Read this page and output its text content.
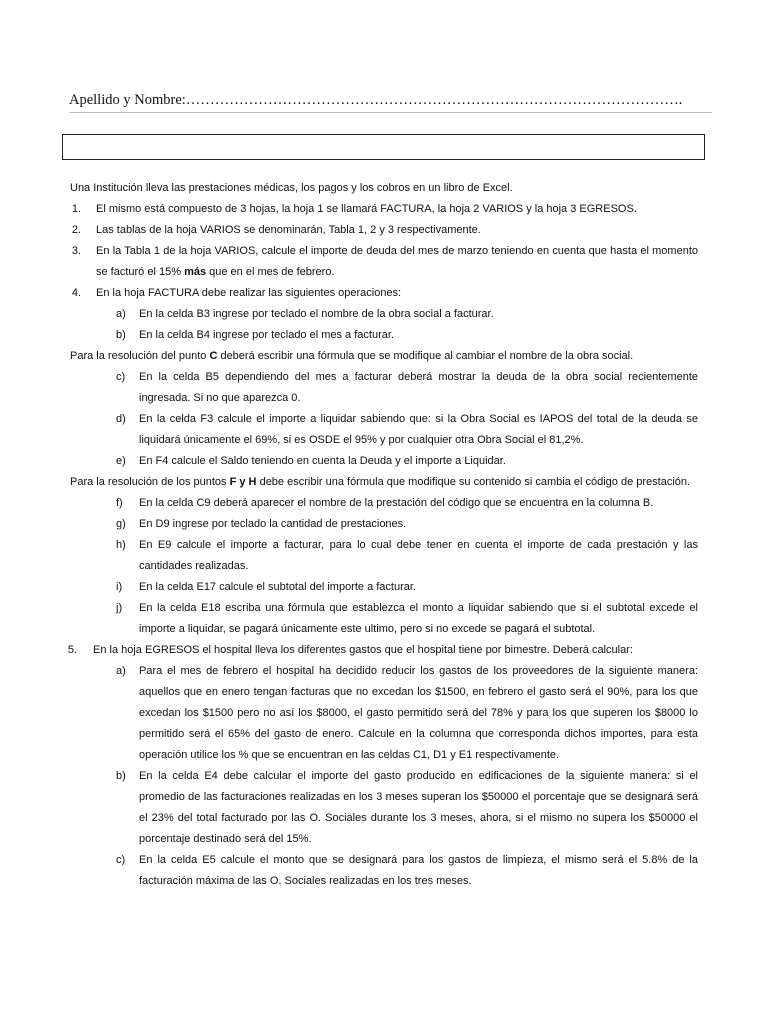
Apellido y Nombre:………………………………………………………………………………………….
Una Institución lleva las prestaciones médicas, los pagos y los cobros en un libro de Excel.
1.	El mismo está compuesto de 3 hojas, la hoja 1 se llamará FACTURA, la hoja 2 VARIOS y la hoja 3 EGRESOS.
2.	Las tablas de la hoja VARIOS se denominarán, Tabla 1, 2 y 3 respectivamente.
3.	En la Tabla 1 de la hoja VARIOS, calcule el importe de deuda del mes de marzo teniendo en cuenta que hasta el momento se facturó el 15% más que en el mes de febrero.
4.	En la hoja FACTURA debe realizar las siguientes operaciones:
a)	En la celda B3 ingrese por teclado el nombre de la obra social a facturar.
b)	En la celda B4 ingrese por teclado el mes a facturar.
Para la resolución del punto C deberá escribir una fórmula que se modifique al cambiar el nombre de la obra social.
c)	En la celda B5 dependiendo del mes a facturar deberá mostrar la deuda de la obra social recientemente ingresada. Si no que aparezca 0.
d)	En la celda F3 calcule el importe a liquidar sabiendo que: si la Obra Social es IAPOS del total de la deuda se liquidará únicamente el 69%, si es OSDE el 95% y por cualquier otra Obra Social el 81,2%.
e)	En F4 calcule el Saldo teniendo en cuenta la Deuda y el importe a Liquidar.
Para la resolución de los puntos F y H debe escribir una fórmula que modifique su contenido si cambia el código de prestación.
f)	En la celda C9 deberá aparecer el nombre de la prestación del código que se encuentra en la columna B.
g)	En D9 ingrese por teclado la cantidad de prestaciones.
h)	En E9 calcule el importe a facturar, para lo cual debe tener en cuenta el importe de cada prestación y las cantidades realizadas.
i)	En la celda E17 calcule el subtotal del importe a facturar.
j)	En la celda E18 escriba una fórmula que establezca el monto a liquidar sabiendo que si el subtotal excede el importe a liquidar, se pagará únicamente este ultimo, pero si no excede se pagará el subtotal.
5.	En la hoja EGRESOS el hospital lleva los diferentes gastos que el hospital tiene por bimestre. Deberá calcular:
a)	Para el mes de febrero el hospital ha decidido reducir los gastos de los proveedores de la siguiente manera: aquellos que en enero tengan facturas que no excedan los $1500, en febrero el gasto será el 90%, para los que excedan los $1500 pero no así los $8000, el gasto permitido será del 78% y para los que superen los $8000 lo permitido será el 65% del gasto de enero. Calcule en la columna que corresponda dichos importes, para esta operación utilice los % que se encuentran en las celdas C1, D1 y E1 respectivamente.
b)	En la celda E4 debe calcular el importe del gasto producido en edificaciones de la siguiente manera: si el promedio de las facturaciones realizadas en los 3 meses superan los $50000 el porcentaje que se designará será el 23% del total facturado por las O. Sociales durante los 3 meses, ahora, si el mismo no supera los $50000 el porcentaje destinado será del 15%.
c)	En la celda E5 calcule el monto que se designará para los gastos de limpieza, el mismo será el 5.8% de la facturación máxima de las O. Sociales realizadas en los tres meses.
